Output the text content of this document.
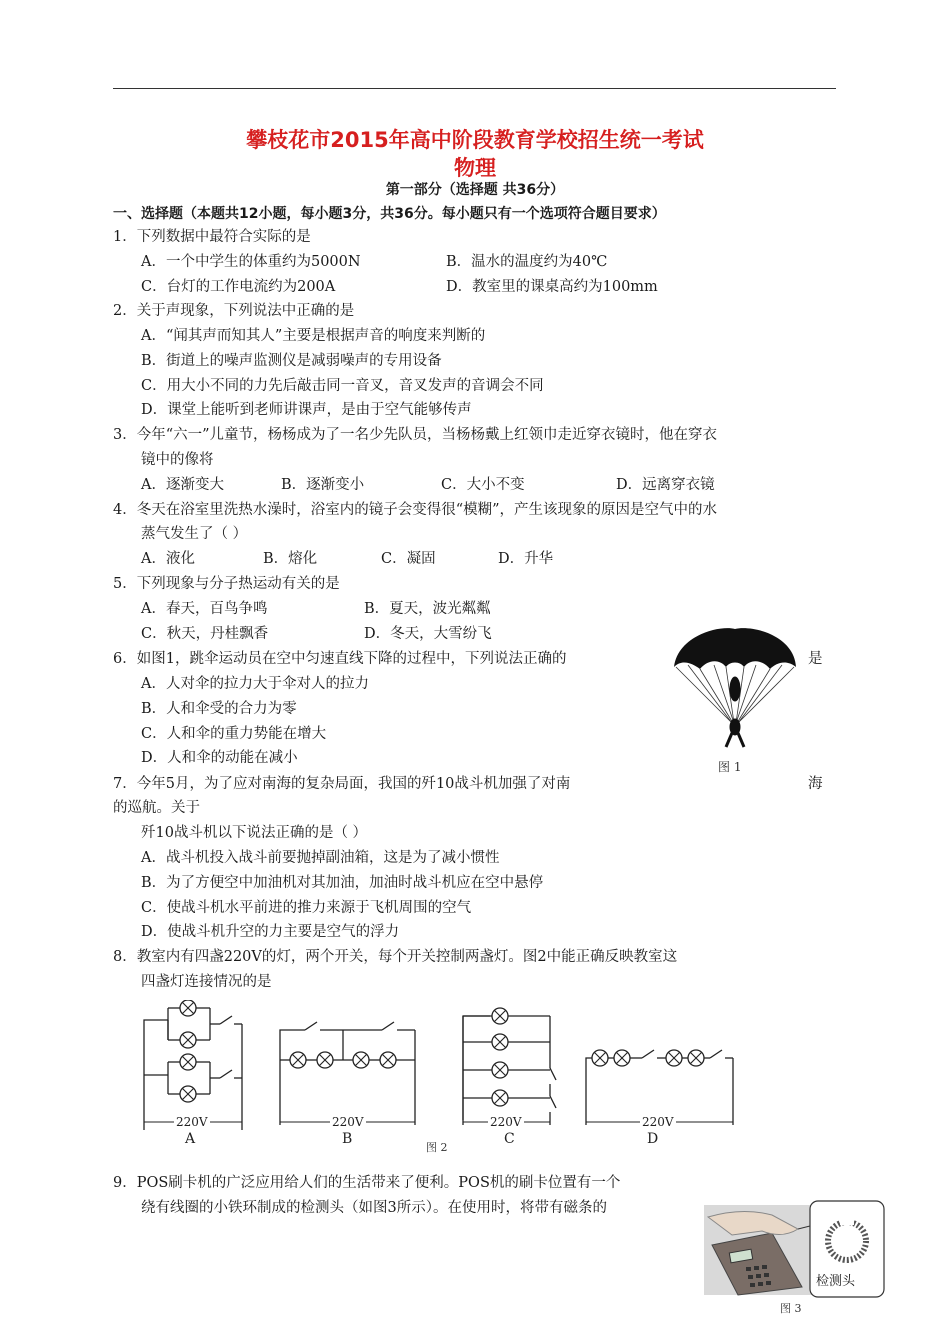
攀枝花市2015年高中阶段教育学校招生统一考试
物理
第一部分（选择题 共36分）
一、选择题（本题共12小题，每小题3分，共36分。每小题只有一个选项符合题目要求）
1．下列数据中最符合实际的是
A．一个中学生的体重约为5000N	B．温水的温度约为40℃
C．台灯的工作电流约为200A	D．教室里的课桌高约为100mm
2．关于声现象，下列说法中正确的是
A．“闻其声而知其人”主要是根据声音的响度来判断的
B．街道上的噪声监测仪是减弱噪声的专用设备
C．用大小不同的力先后敲击同一音叉，音叉发声的音调会不同
D．课堂上能听到老师讲课声，是由于空气能够传声
3．今年“六一”儿童节，杨杨成为了一名少先队员，当杨杨戴上红领巾走近穿衣镜时，他在穿衣
镜中的像将
A．逐渐变大	B．逐渐变小	C．大小不变	D．远离穿衣镜
4．冬天在浴室里洗热水澡时，浴室内的镜子会变得很“模糊”，产生该现象的原因是空气中的水
蒸气发生了（ ）
A．液化	B．熔化	C．凝固	D．升华
5．下列现象与分子热运动有关的是
A．春天，百鸟争鸣	B．夏天，波光粼粼
C．秋天，丹桂飘香	D．冬天，大雪纷飞
6．如图1，跳伞运动员在空中匀速直线下降的过程中，下列说法正确的	是
A．人对伞的拉力大于伞对人的拉力
B．人和伞受的合力为零
C．人和伞的重力势能在增大
D．人和伞的动能在减小
图 1
7．今年5月，为了应对南海的复杂局面，我国的歼10战斗机加强了对南	海
的巡航。关于
歼10战斗机以下说法正确的是（ ）
A．战斗机投入战斗前要抛掉副油箱，这是为了减小惯性
B．为了方便空中加油机对其加油，加油时战斗机应在空中悬停
C．使战斗机水平前进的推力来源于飞机周围的空气
D．使战斗机升空的力主要是空气的浮力
8．教室内有四盏220V的灯，两个开关，每个开关控制两盏灯。图2中能正确反映教室这
四盏灯连接情况的是
220V	220V	220V	220V
A	B	C	D
图 2
9．POS刷卡机的广泛应用给人们的生活带来了便利。POS机的刷卡位置有一个
绕有线圈的小铁环制成的检测头（如图3所示）。在使用时，将带有磁条的
检测头
图 3
